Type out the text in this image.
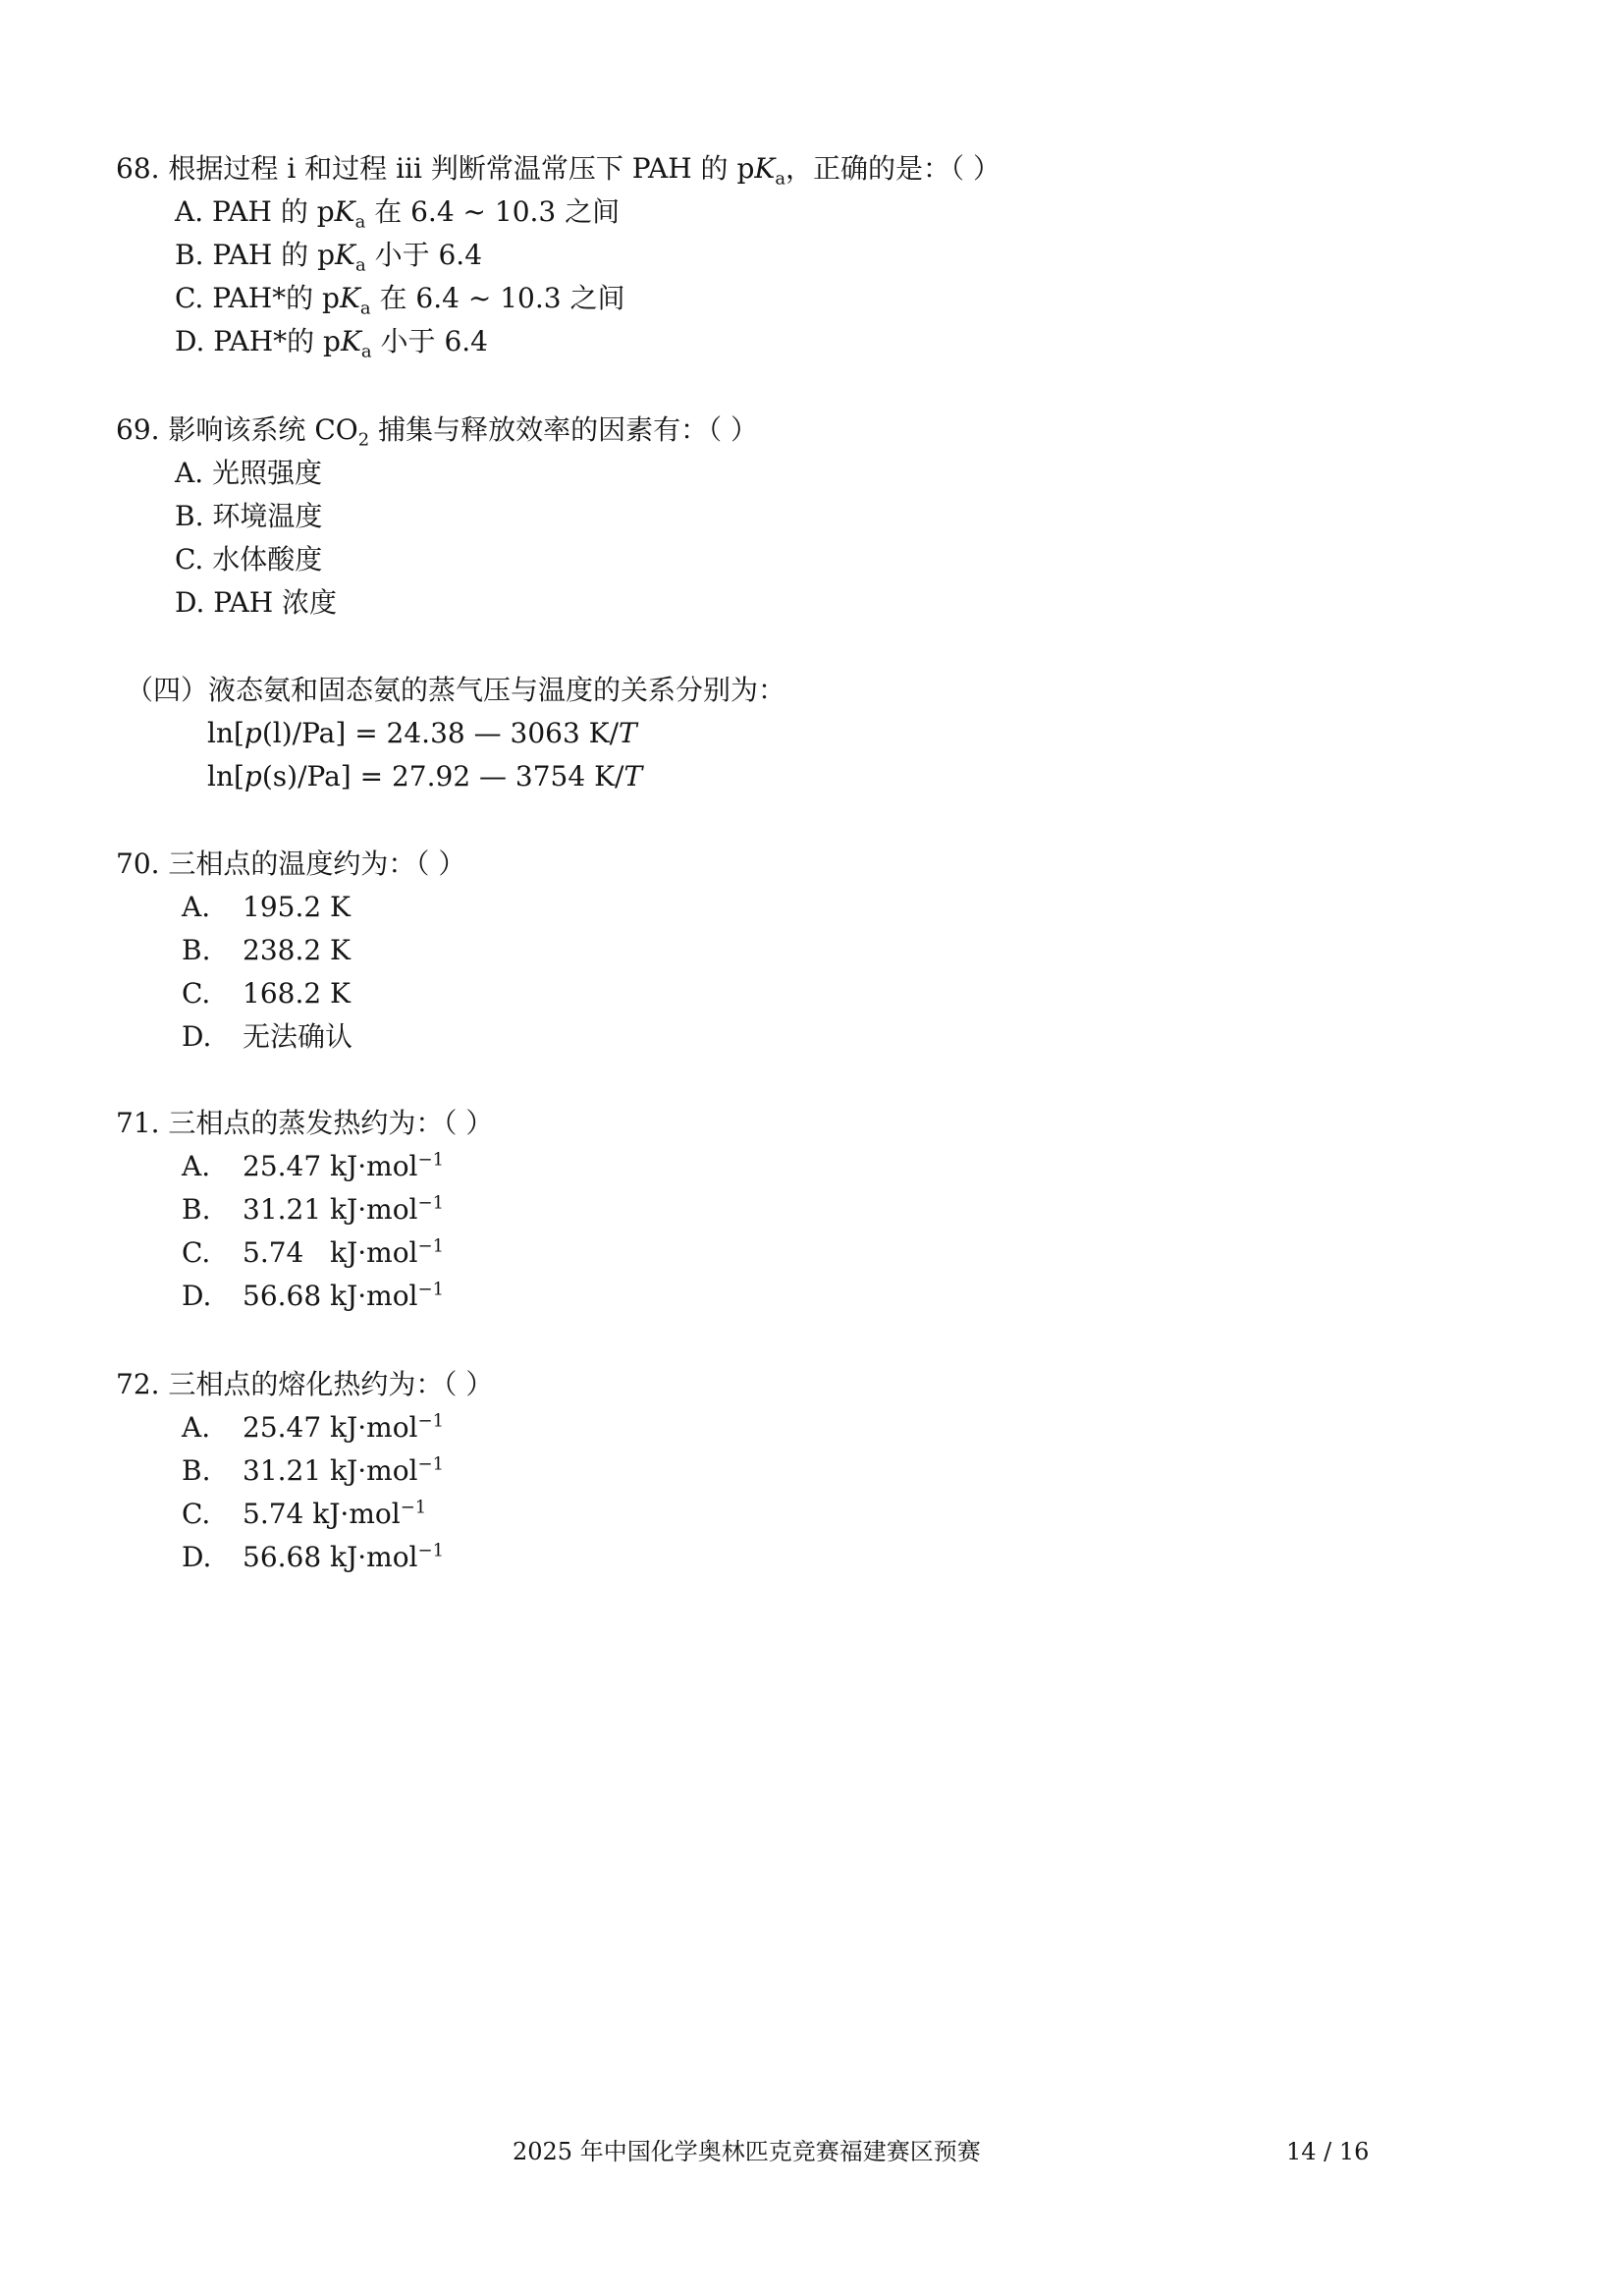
68. 根据过程 i 和过程 iii 判断常温常压下 PAH 的 $pK_a$，正确的是：（ ）
A. PAH 的 $pK_a$ 在 6.4 ~ 10.3 之间
B. PAH 的 $pK_a$ 小于 6.4
C. PAH*的 $pK_a$ 在 6.4 ~ 10.3 之间
D. PAH*的 $pK_a$ 小于 6.4
69. 影响该系统 $CO_2$ 捕集与释放效率的因素有：（ ）
A. 光照强度
B. 环境温度
C. 水体酸度
D. PAH 浓度
（四）液态氨和固态氨的蒸气压与温度的关系分别为：
ln[p(l)/Pa] = 24.38 — 3063 K/T
ln[p(s)/Pa] = 27.92 — 3754 K/T
70. 三相点的温度约为：（ ）
A. 195.2 K
B. 238.2 K
C. 168.2 K
D. 无法确认
71. 三相点的蒸发热约为：（ ）
A. 25.47 kJ·mol$^{-1}$
B. 31.21 kJ·mol$^{-1}$
C. 5.74   kJ·mol$^{-1}$
D. 56.68 kJ·mol$^{-1}$
72. 三相点的熔化热约为：（ ）
A. 25.47 kJ·mol$^{-1}$
B. 31.21 kJ·mol$^{-1}$
C. 5.74 kJ·mol$^{-1}$
D. 56.68 kJ·mol$^{-1}$
2025 年中国化学奥林匹克竞赛福建赛区预赛	14 / 16
